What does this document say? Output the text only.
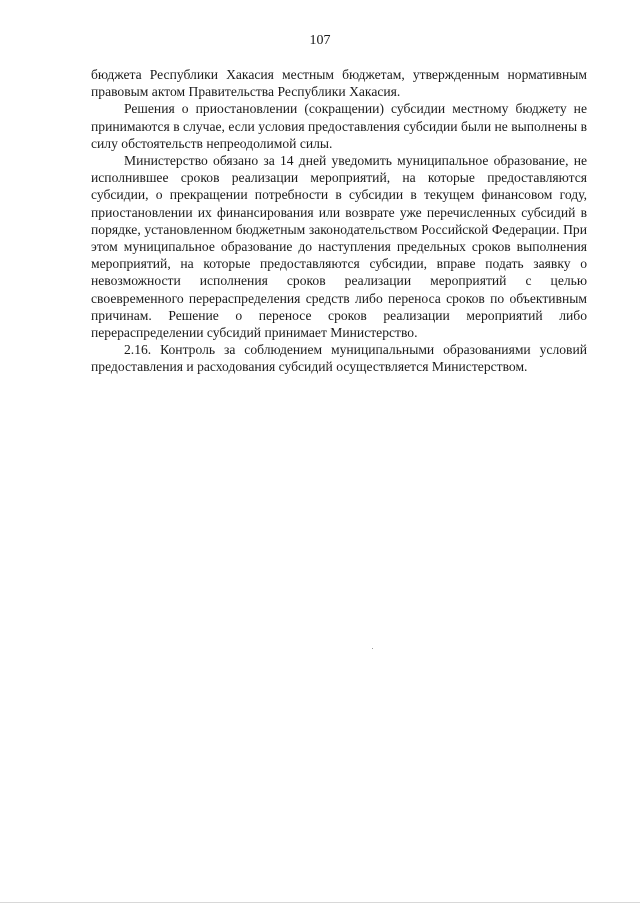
107

бюджета Республики Хакасия местным бюджетам, утвержденным нормативным правовым актом Правительства Республики Хакасия.

Решения о приостановлении (сокращении) субсидии местному бюджету не принимаются в случае, если условия предоставления субсидии были не выполнены в силу обстоятельств непреодолимой силы.

Министерство обязано за 14 дней уведомить муниципальное образование, не исполнившее сроков реализации мероприятий, на которые предоставляются субсидии, о прекращении потребности в субсидии в текущем финансовом году, приостановлении их финансирования или возврате уже перечисленных субсидий в порядке, установленном бюджетным законодательством Российской Федерации. При этом муниципальное образование до наступления предельных сроков выполнения мероприятий, на которые предоставляются субсидии, вправе подать заявку о невозможности исполнения сроков реализации мероприятий с целью своевременного перераспределения средств либо переноса сроков по объективным причинам. Решение о переносе сроков реализации мероприятий либо перераспределении субсидий принимает Министерство.

2.16. Контроль за соблюдением муниципальными образованиями условий предоставления и расходования субсидий осуществляется Министерством.
